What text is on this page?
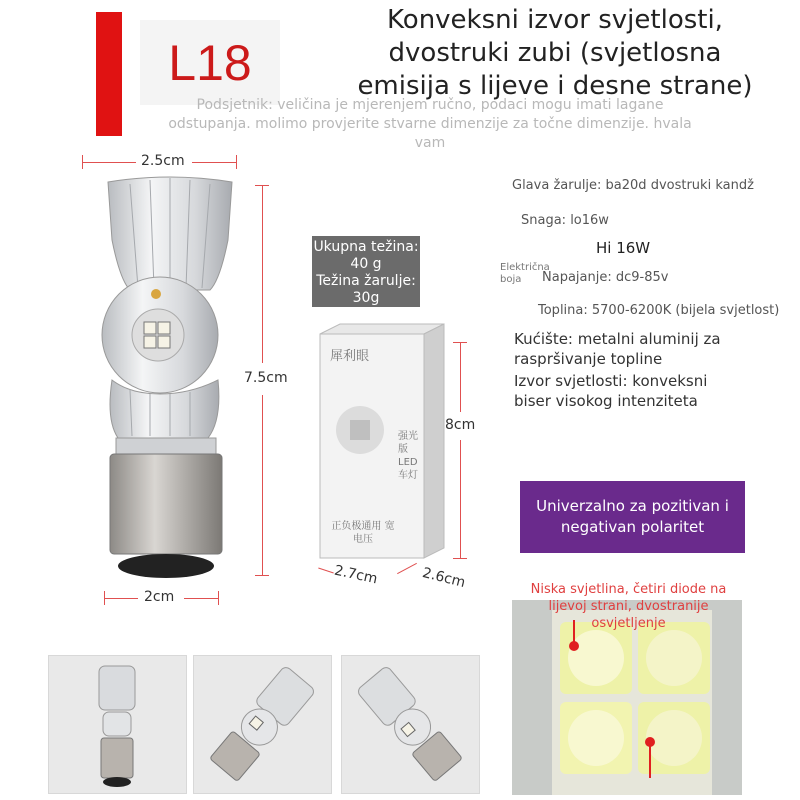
L18
Konveksni izvor svjetlosti,
dvostruki zubi (svjetlosna
emisija s lijeve i desne strane)
Podsjetnik: veličina je mjerenjem ručno, podaci mogu imati lagane odstupanja. molimo provjerite stvarne dimenzije za točne dimenzije. hvala vam
2.5cm
7.5cm
2cm
Ukupna težina: 40 g
Težina žarulje: 30g
犀利眼
强光版 LED车灯
正负极通用 宽电压
8cm
2.7cm	2.6cm
Glava žarulje: ba20d dvostruki kandž
Snaga: lo16w
Hi 16W
Električna boja	Napajanje: dc9-85v
Toplina: 5700-6200K (bijela svjetlost)
Kućište: metalni aluminij za raspršivanje topline
Izvor svjetlosti: konveksni biser visokog intenziteta
Univerzalno za pozitivan i negativan polaritet
Niska svjetlina, četiri diode na lijevoj strani, dvostranije osvjetljenje
